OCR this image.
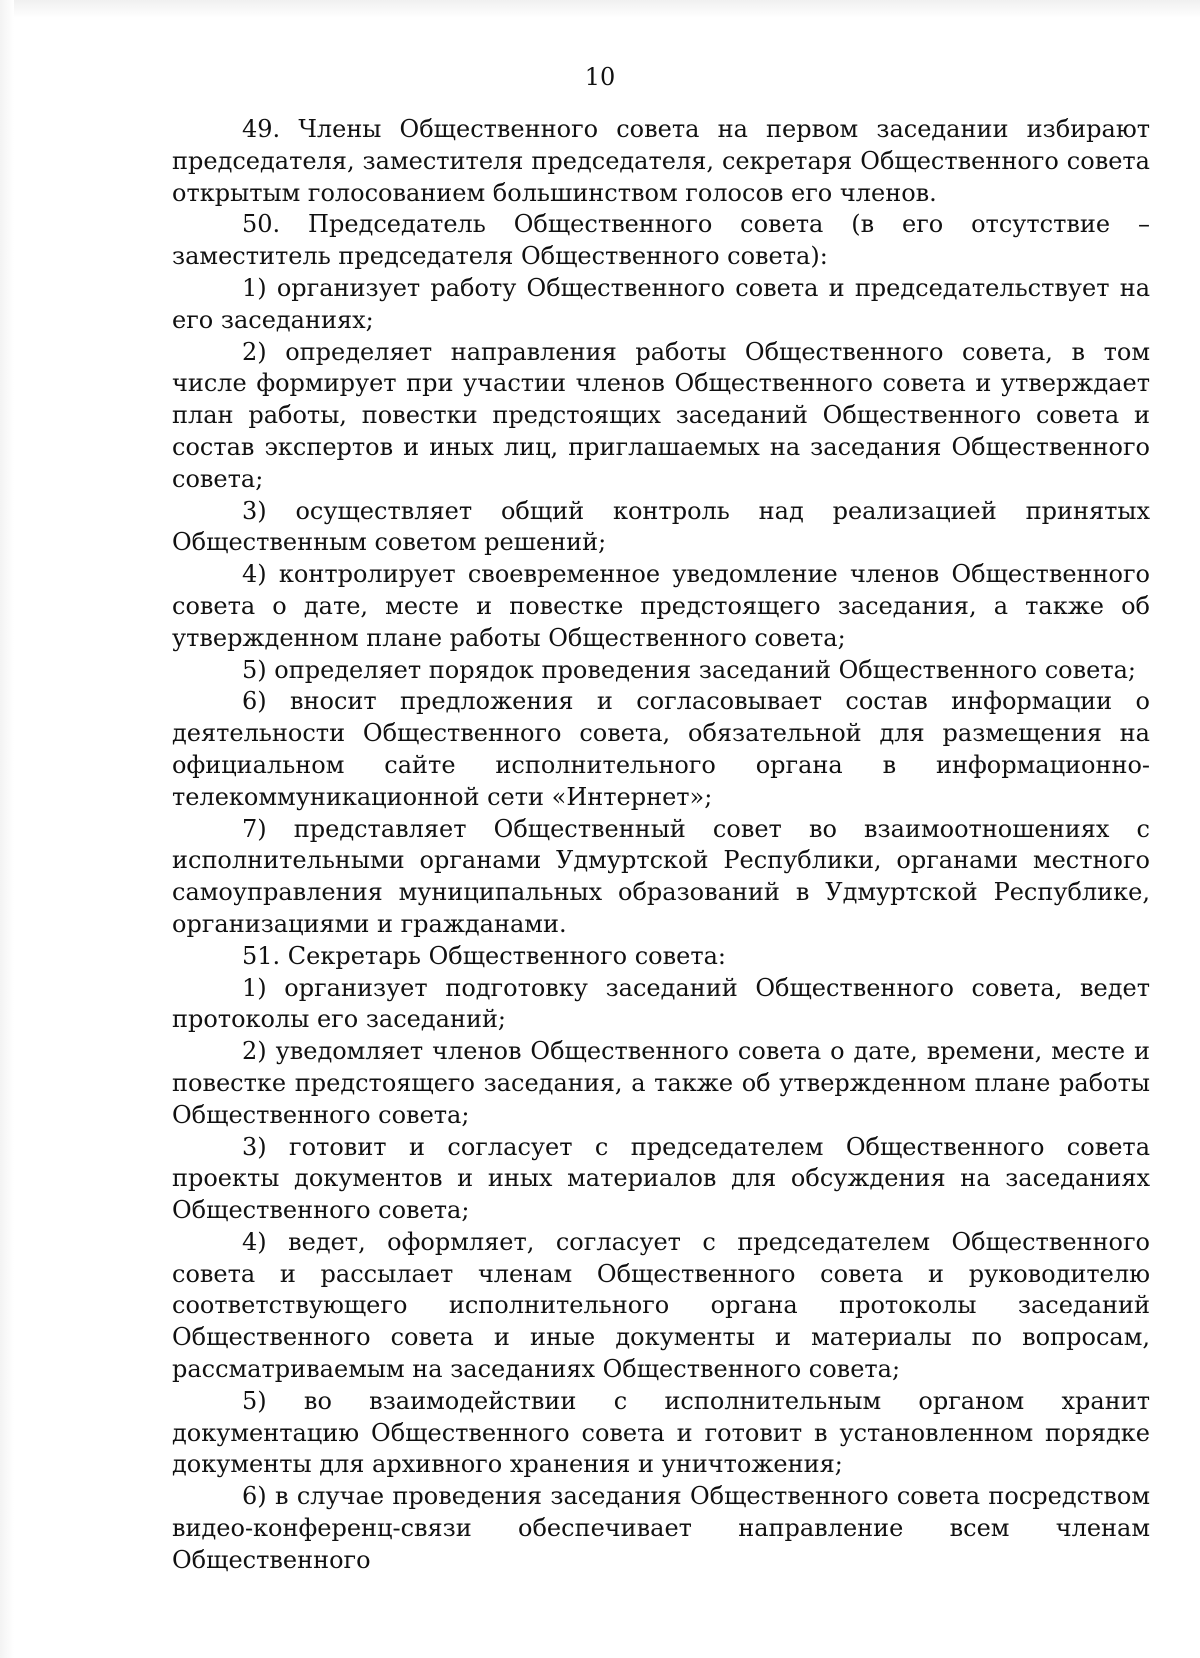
10

49. Члены Общественного совета на первом заседании избирают председателя, заместителя председателя, секретаря Общественного совета открытым голосованием большинством голосов его членов.

50. Председатель Общественного совета (в его отсутствие – заместитель председателя Общественного совета):

1) организует работу Общественного совета и председательствует на его заседаниях;

2) определяет направления работы Общественного совета, в том числе формирует при участии членов Общественного совета и утверждает план работы, повестки предстоящих заседаний Общественного совета и состав экспертов и иных лиц, приглашаемых на заседания Общественного совета;

3) осуществляет общий контроль над реализацией принятых Общественным советом решений;

4) контролирует своевременное уведомление членов Общественного совета о дате, месте и повестке предстоящего заседания, а также об утвержденном плане работы Общественного совета;

5) определяет порядок проведения заседаний Общественного совета;

6) вносит предложения и согласовывает состав информации о деятельности Общественного совета, обязательной для размещения на официальном сайте исполнительного органа в информационно-телекоммуникационной сети «Интернет»;

7) представляет Общественный совет во взаимоотношениях с исполнительными органами Удмуртской Республики, органами местного самоуправления муниципальных образований в Удмуртской Республике, организациями и гражданами.

51. Секретарь Общественного совета:

1) организует подготовку заседаний Общественного совета, ведет протоколы его заседаний;

2) уведомляет членов Общественного совета о дате, времени, месте и повестке предстоящего заседания, а также об утвержденном плане работы Общественного совета;

3) готовит и согласует с председателем Общественного совета проекты документов и иных материалов для обсуждения на заседаниях Общественного совета;

4) ведет, оформляет, согласует с председателем Общественного совета и рассылает членам Общественного совета и руководителю соответствующего исполнительного органа протоколы заседаний Общественного совета и иные документы и материалы по вопросам, рассматриваемым на заседаниях Общественного совета;

5) во взаимодействии с исполнительным органом хранит документацию Общественного совета и готовит в установленном порядке документы для архивного хранения и уничтожения;

6) в случае проведения заседания Общественного совета посредством видео-конференц-связи обеспечивает направление всем членам Общественного
